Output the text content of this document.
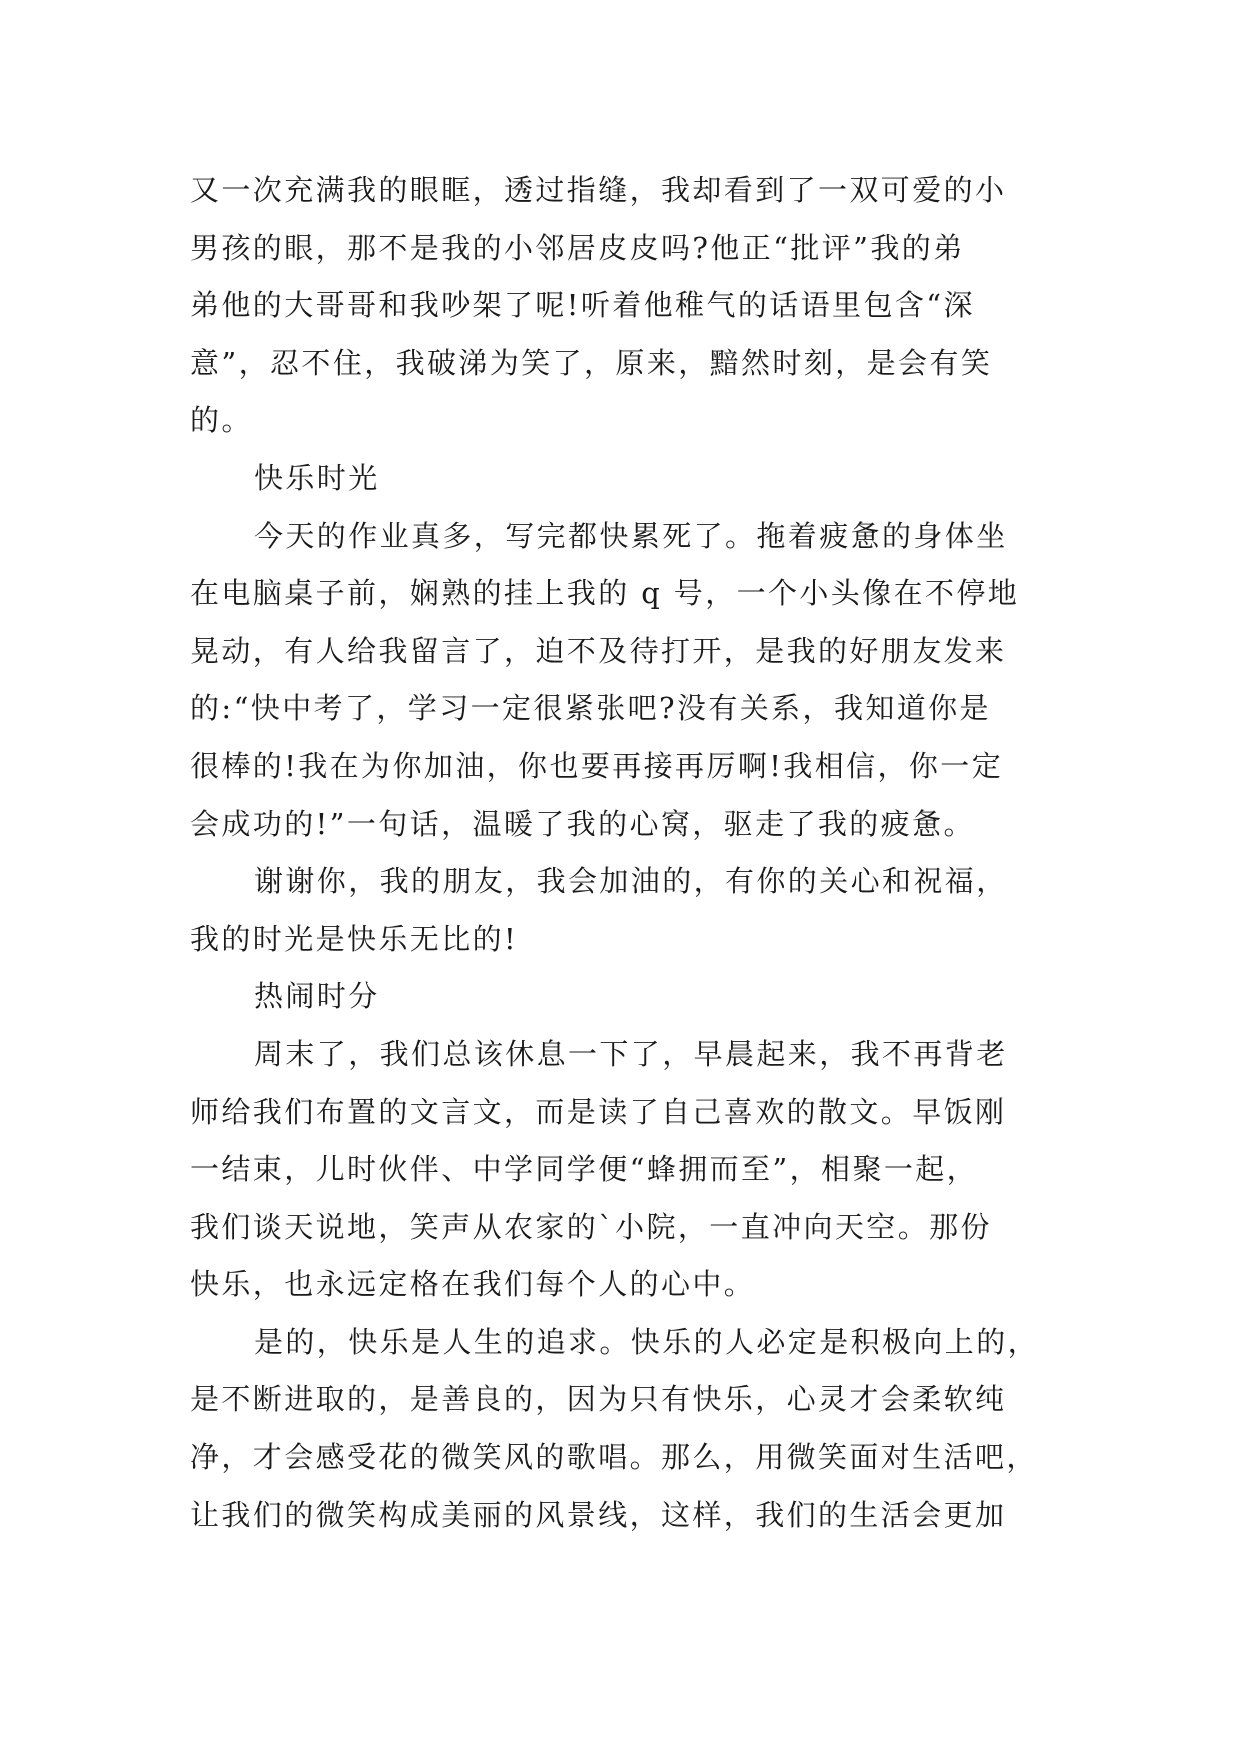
又一次充满我的眼眶，透过指缝，我却看到了一双可爱的小
男孩的眼，那不是我的小邻居皮皮吗?他正“批评”我的弟
弟他的大哥哥和我吵架了呢!听着他稚气的话语里包含“深
意”，忍不住，我破涕为笑了，原来，黯然时刻，是会有笑
的。
快乐时光
今天的作业真多，写完都快累死了。拖着疲惫的身体坐
在电脑桌子前，娴熟的挂上我的 q 号，一个小头像在不停地
晃动，有人给我留言了，迫不及待打开，是我的好朋友发来
的:“快中考了，学习一定很紧张吧?没有关系，我知道你是
很棒的!我在为你加油，你也要再接再厉啊!我相信，你一定
会成功的!”一句话，温暖了我的心窝，驱走了我的疲惫。
谢谢你，我的朋友，我会加油的，有你的关心和祝福，
我的时光是快乐无比的!
热闹时分
周末了，我们总该休息一下了，早晨起来，我不再背老
师给我们布置的文言文，而是读了自己喜欢的散文。早饭刚
一结束，儿时伙伴、中学同学便“蜂拥而至”，相聚一起，
我们谈天说地，笑声从农家的`小院，一直冲向天空。那份
快乐，也永远定格在我们每个人的心中。
是的，快乐是人生的追求。快乐的人必定是积极向上的，
是不断进取的，是善良的，因为只有快乐，心灵才会柔软纯
净，才会感受花的微笑风的歌唱。那么，用微笑面对生活吧，
让我们的微笑构成美丽的风景线，这样，我们的生活会更加
